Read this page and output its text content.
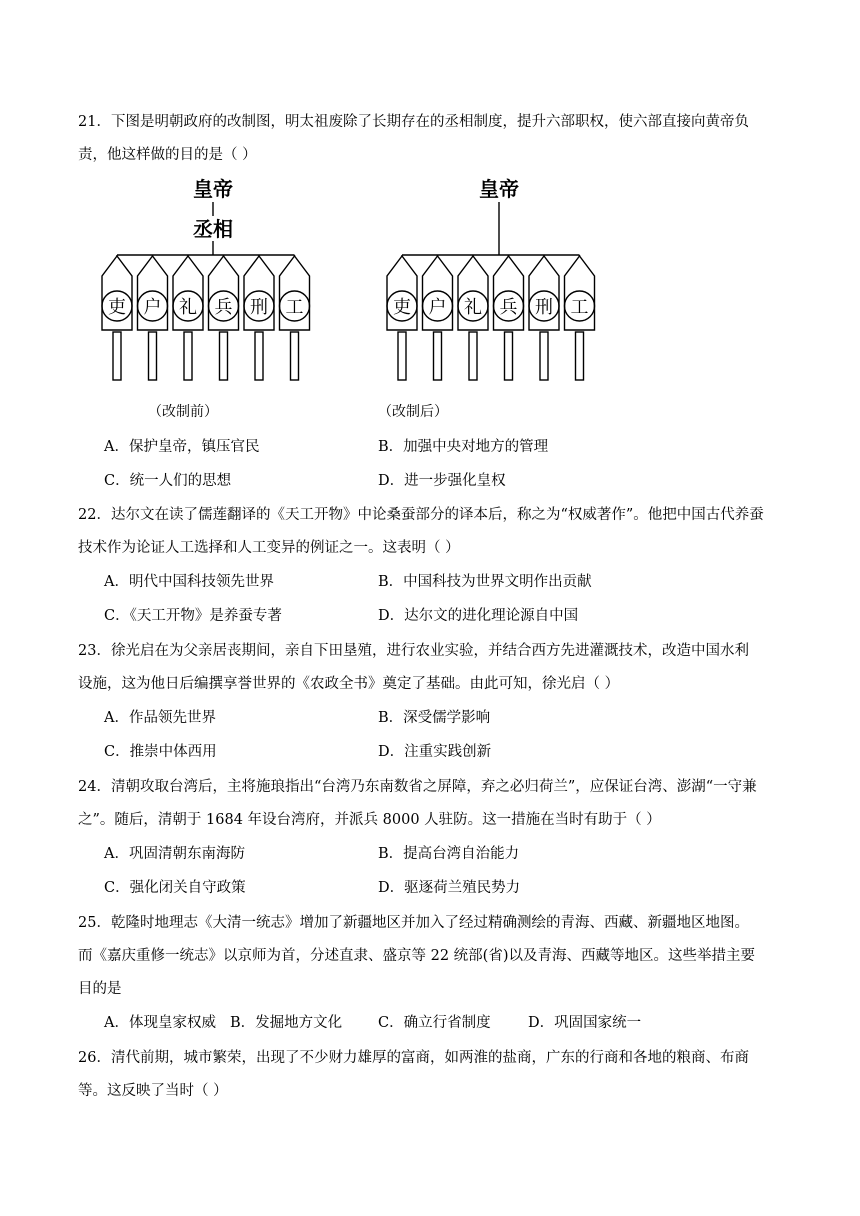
21．下图是明朝政府的改制图，明太祖废除了长期存在的丞相制度，提升六部职权，使六部直接向黄帝负
责，他这样做的目的是（ ）
皇帝
丞相
吏 户 礼 兵 刑 工
皇帝
吏 户 礼 兵 刑 工
（改制前）	（改制后）
A．保护皇帝，镇压官民	B．加强中央对地方的管理
C．统一人们的思想	D．进一步强化皇权
22．达尔文在读了儒莲翻译的《天工开物》中论桑蚕部分的译本后，称之为“权威著作”。他把中国古代养蚕
技术作为论证人工选择和人工变异的例证之一。这表明（ ）
A．明代中国科技领先世界	B．中国科技为世界文明作出贡献
C．《天工开物》是养蚕专著	D．达尔文的进化理论源自中国
23．徐光启在为父亲居丧期间，亲自下田垦殖，进行农业实验，并结合西方先进灌溉技术，改造中国水利
设施，这为他日后编撰享誉世界的《农政全书》奠定了基础。由此可知，徐光启（ ）
A．作品领先世界	B．深受儒学影响
C．推崇中体西用	D．注重实践创新
24．清朝攻取台湾后，主将施琅指出“台湾乃东南数省之屏障，弃之必归荷兰”，应保证台湾、澎湖“一守兼
之”。随后，清朝于 1684 年设台湾府，并派兵 8000 人驻防。这一措施在当时有助于（ ）
A．巩固清朝东南海防	B．提高台湾自治能力
C．强化闭关自守政策	D．驱逐荷兰殖民势力
25．乾隆时地理志《大清一统志》增加了新疆地区并加入了经过精确测绘的青海、西藏、新疆地区地图。
而《嘉庆重修一统志》以京师为首，分述直隶、盛京等 22 统部(省)以及青海、西藏等地区。这些举措主要
目的是
A．体现皇家权威 B．发掘地方文化 C．确立行省制度	D．巩固国家统一
26．清代前期，城市繁荣，出现了不少财力雄厚的富商，如两淮的盐商，广东的行商和各地的粮商、布商
等。这反映了当时（ ）
